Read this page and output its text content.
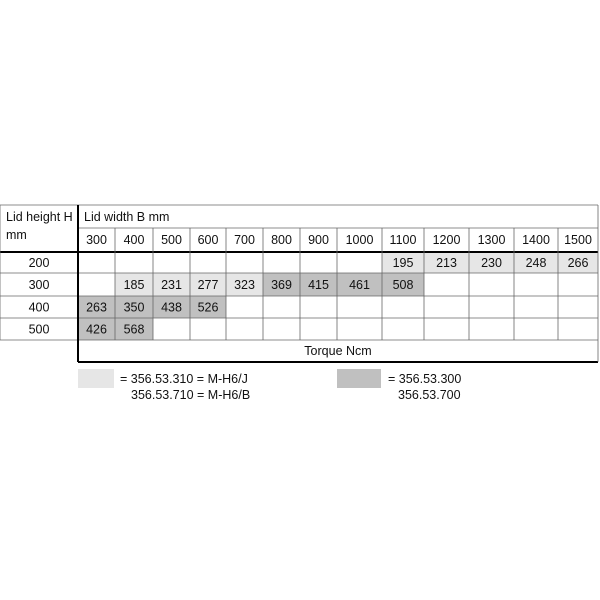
Lid height H
mm
Lid width B mm
Torque Ncm
300 400 500 600 700 800 900 1000 1100 1200 1300 1400 1500
200
300
400
500
195 213 230 248 266
185 231 277 323 369 415 461 508
263 350 438 526
426 568
= 356.53.310 = M-H6/J
356.53.710 = M-H6/B
= 356.53.300
356.53.700
